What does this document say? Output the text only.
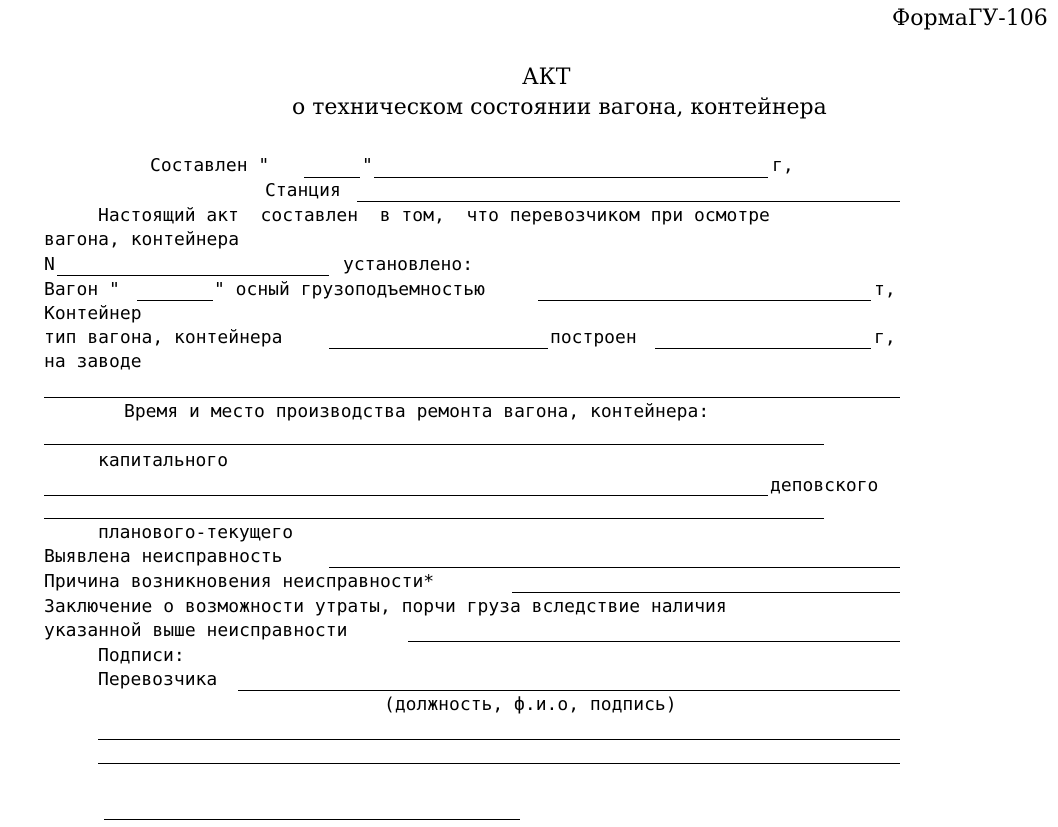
ФормаГУ-106
АКТ
о техническом состоянии вагона, контейнера
Составлен "	"	г,
Станция
Настоящий акт  составлен  в том,  что перевозчиком при осмотре
вагона, контейнера
N	установлено:
Вагон "	" осный грузоподъемностью	т,
Контейнер
тип вагона, контейнера	построен	г,
на заводе
Время и место производства ремонта вагона, контейнера:
капитального
деповского
планового-текущего
Выявлена неисправность
Причина возникновения неисправности*
Заключение о возможности утраты, порчи груза вследствие наличия
указанной выше неисправности
Подписи:
Перевозчика
(должность, ф.и.о, подпись)
